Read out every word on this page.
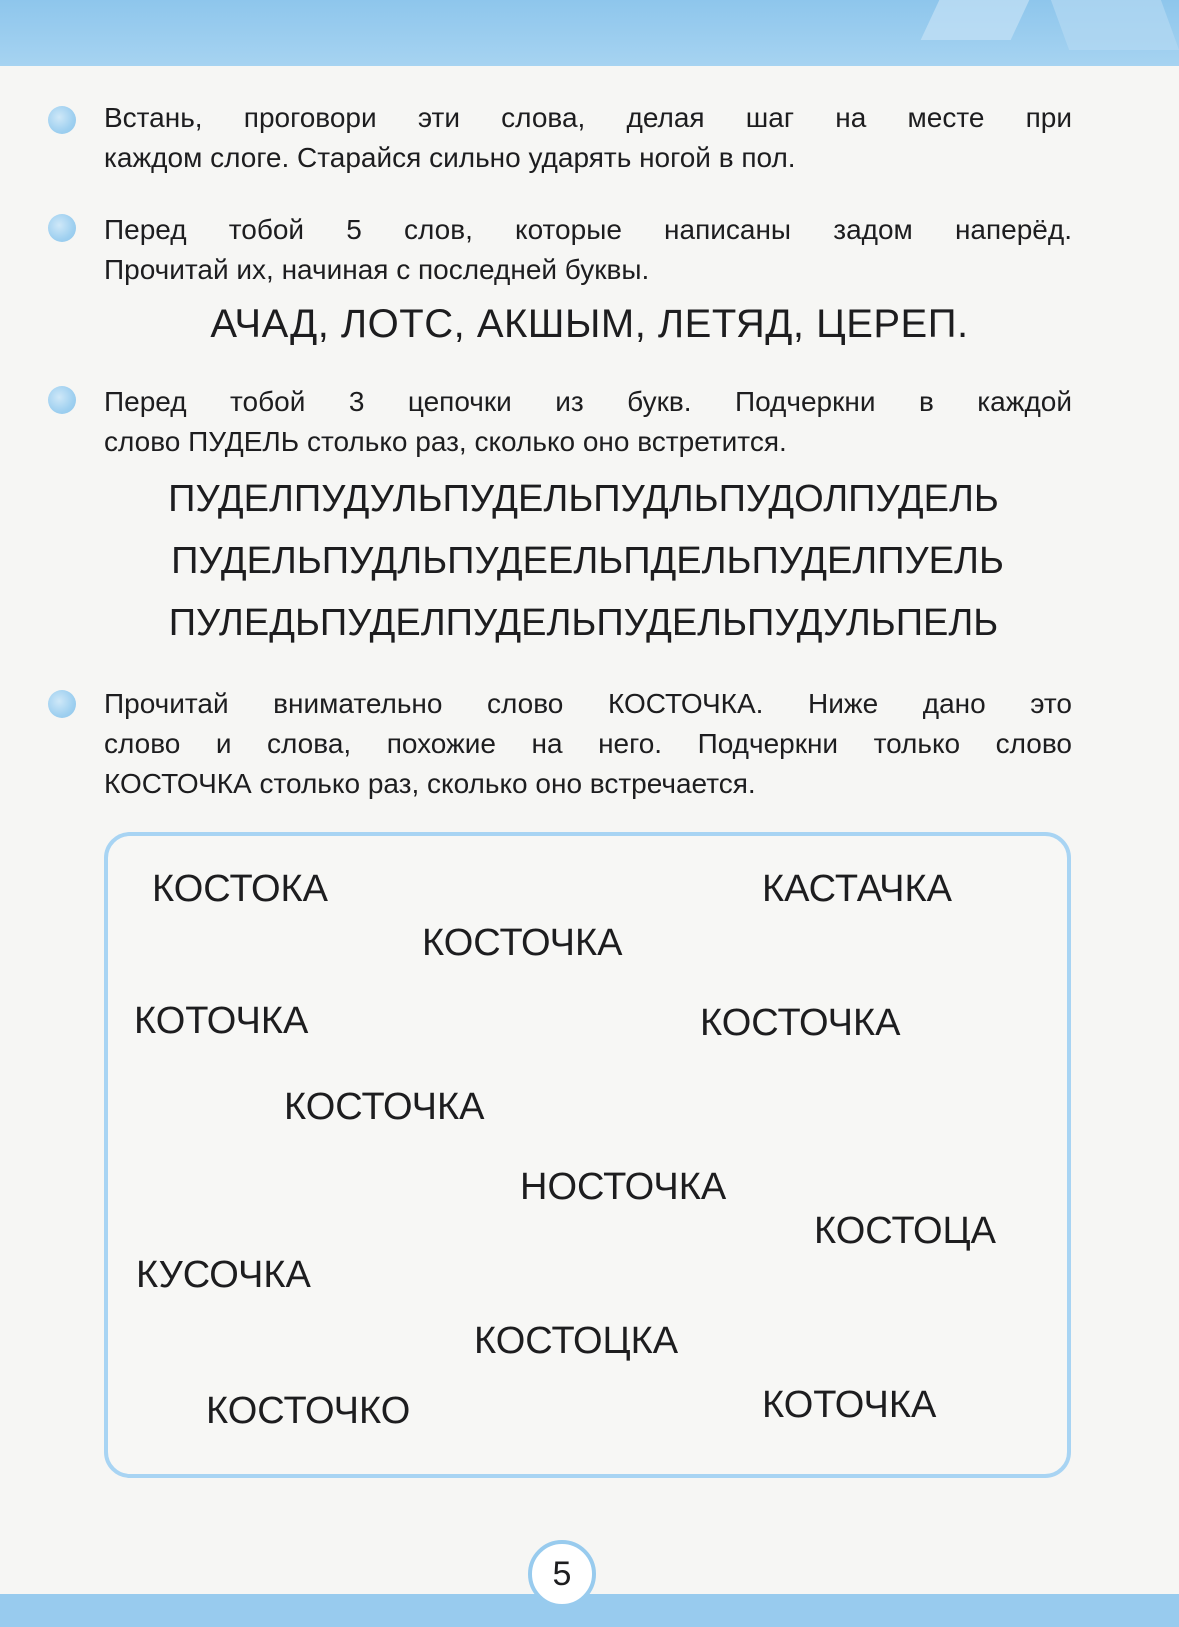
Встань, проговори эти слова, делая шаг на месте при
каждом слоге. Старайся сильно ударять ногой в пол.
Перед тобой 5 слов, которые написаны задом наперёд.
Прочитай их, начиная с последней буквы.
АЧАД, ЛОТС, АКШЫМ, ЛЕТЯД, ЦЕРЕП.
Перед тобой 3 цепочки из букв. Подчеркни в каждой
слово ПУДЕЛЬ столько раз, сколько оно встретится.
ПУДЕЛПУДУЛЬПУДЕЛЬПУДЛЬПУДОЛПУДЕЛЬ
ПУДЕЛЬПУДЛЬПУДЕЕЛЬПДЕЛЬПУДЕЛПУЕЛЬ
ПУЛЕДЬПУДЕЛПУДЕЛЬПУДЕЛЬПУДУЛЬПЕЛЬ
Прочитай внимательно слово КОСТОЧКА. Ниже дано это
слово и слова, похожие на него. Подчеркни только слово
КОСТОЧКА столько раз, сколько оно встречается.
КОСТОКА	КАСТАЧКА
КОСТОЧКА
КОТОЧКА	КОСТОЧКА
КОСТОЧКА
НОСТОЧКА
КОСТОЦА
КУСОЧКА
КОСТОЦКА
КОСТОЧКО	КОТОЧКА
5
